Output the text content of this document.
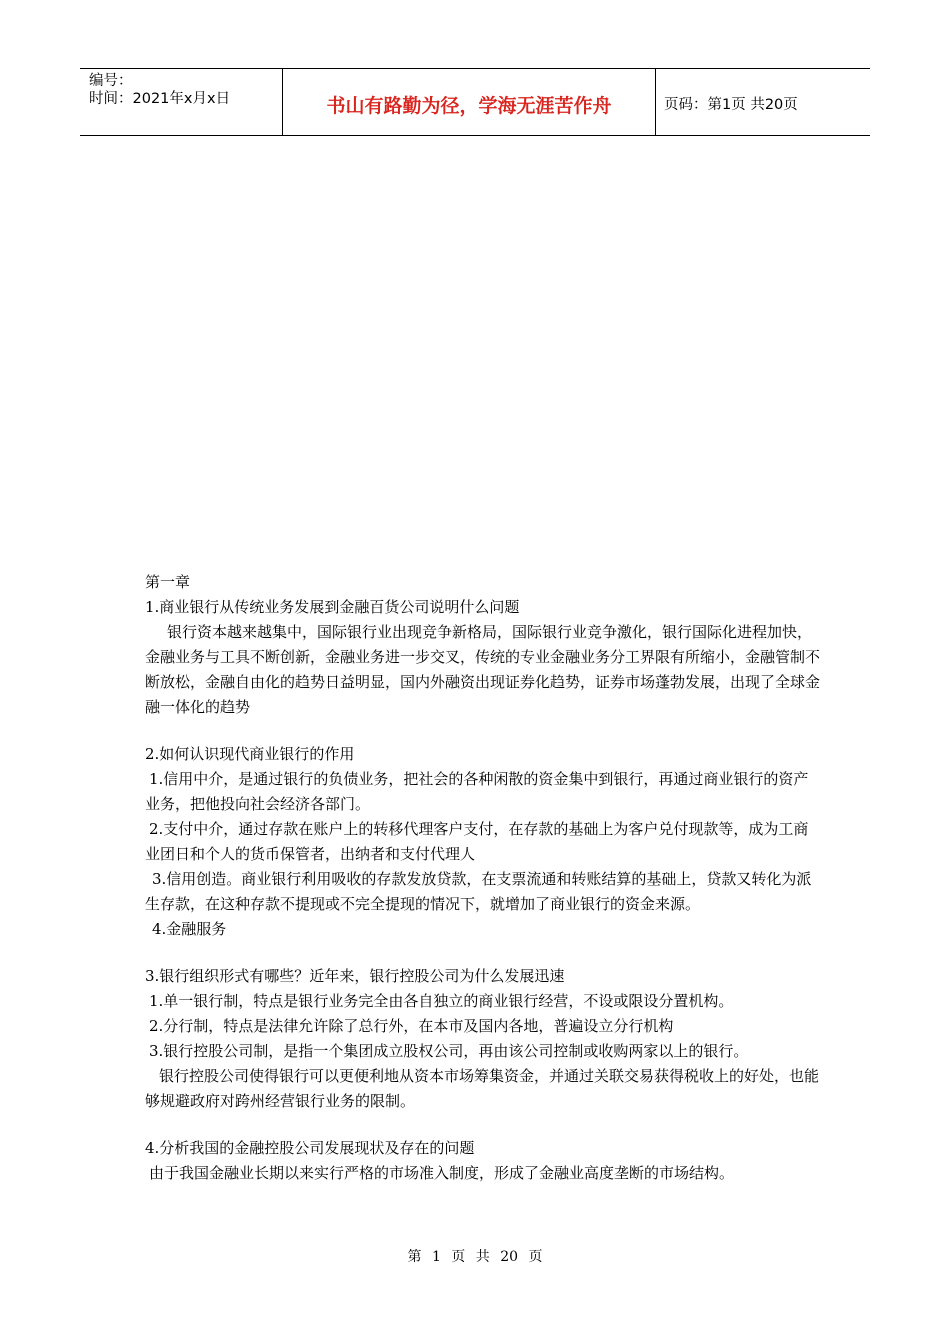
编号：
时间：2021年x月x日	书山有路勤为径，学海无涯苦作舟	页码：第1页 共20页

第一章

1.商业银行从传统业务发展到金融百货公司说明什么问题

银行资本越来越集中，国际银行业出现竞争新格局，国际银行业竞争激化，银行国际化进程加快，金融业务与工具不断创新，金融业务进一步交叉，传统的专业金融业务分工界限有所缩小，金融管制不断放松，金融自由化的趋势日益明显，国内外融资出现证券化趋势，证券市场蓬勃发展，出现了全球金融一体化的趋势

2.如何认识现代商业银行的作用

1.信用中介，是通过银行的负债业务，把社会的各种闲散的资金集中到银行，再通过商业银行的资产业务，把他投向社会经济各部门。

2.支付中介，通过存款在账户上的转移代理客户支付，在存款的基础上为客户兑付现款等，成为工商业团日和个人的货币保管者，出纳者和支付代理人

3.信用创造。商业银行利用吸收的存款发放贷款，在支票流通和转账结算的基础上，贷款又转化为派生存款，在这种存款不提现或不完全提现的情况下，就增加了商业银行的资金来源。

4.金融服务

3.银行组织形式有哪些？近年来，银行控股公司为什么发展迅速

1.单一银行制，特点是银行业务完全由各自独立的商业银行经营，不设或限设分置机构。

2.分行制，特点是法律允许除了总行外，在本市及国内各地，普遍设立分行机构

3.银行控股公司制，是指一个集团成立股权公司，再由该公司控制或收购两家以上的银行。

银行控股公司使得银行可以更便利地从资本市场筹集资金，并通过关联交易获得税收上的好处，也能够规避政府对跨州经营银行业务的限制。

4.分析我国的金融控股公司发展现状及存在的问题

由于我国金融业长期以来实行严格的市场准入制度，形成了金融业高度垄断的市场结构。

第 1 页 共 20 页
